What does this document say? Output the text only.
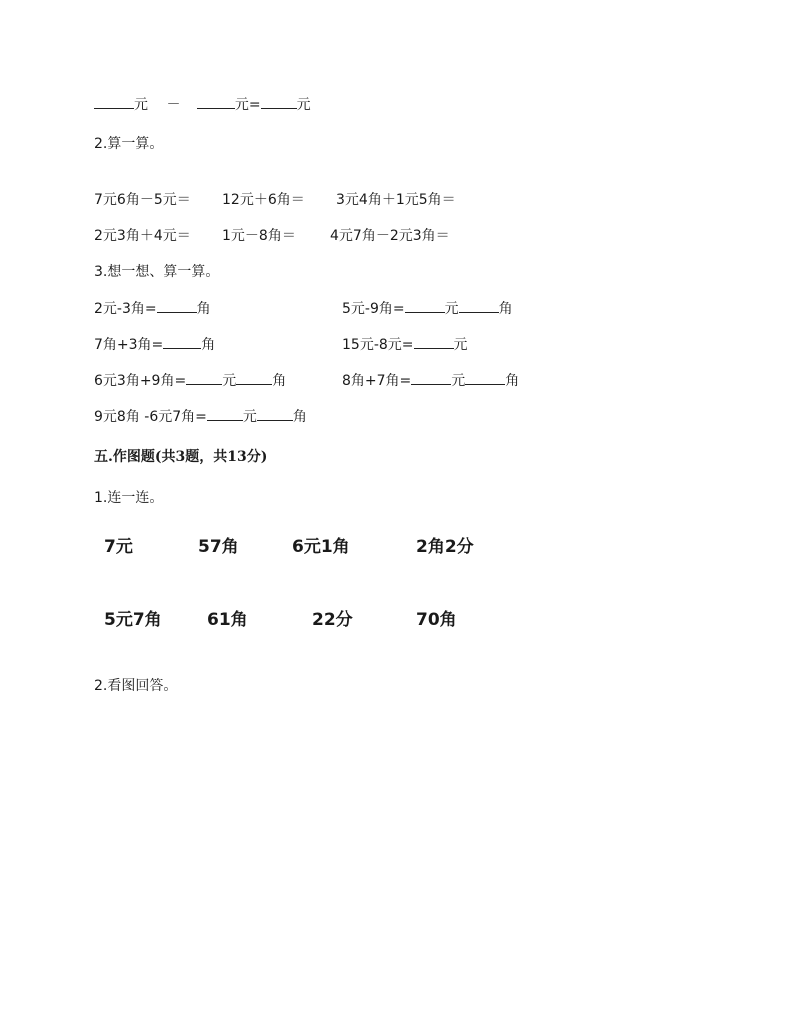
元 －	元=	元
2.算一算。
7元6角－5元＝ 12元＋6角＝ 3元4角＋1元5角＝
2元3角＋4元＝ 1元－8角＝ 4元7角－2元3角＝
3.想一想、算一算。
2元-3角=	角	5元-9角=	元	角
7角+3角=	角	15元-8元=	元
6元3角+9角=	元	角	8角+7角=	元	角
9元8角 -6元7角=	元	角
五.作图题(共3题，共13分)
1.连一连。
7元	57角	6元1角	2角2分
5元7角	61角	22分	70角
2.看图回答。
